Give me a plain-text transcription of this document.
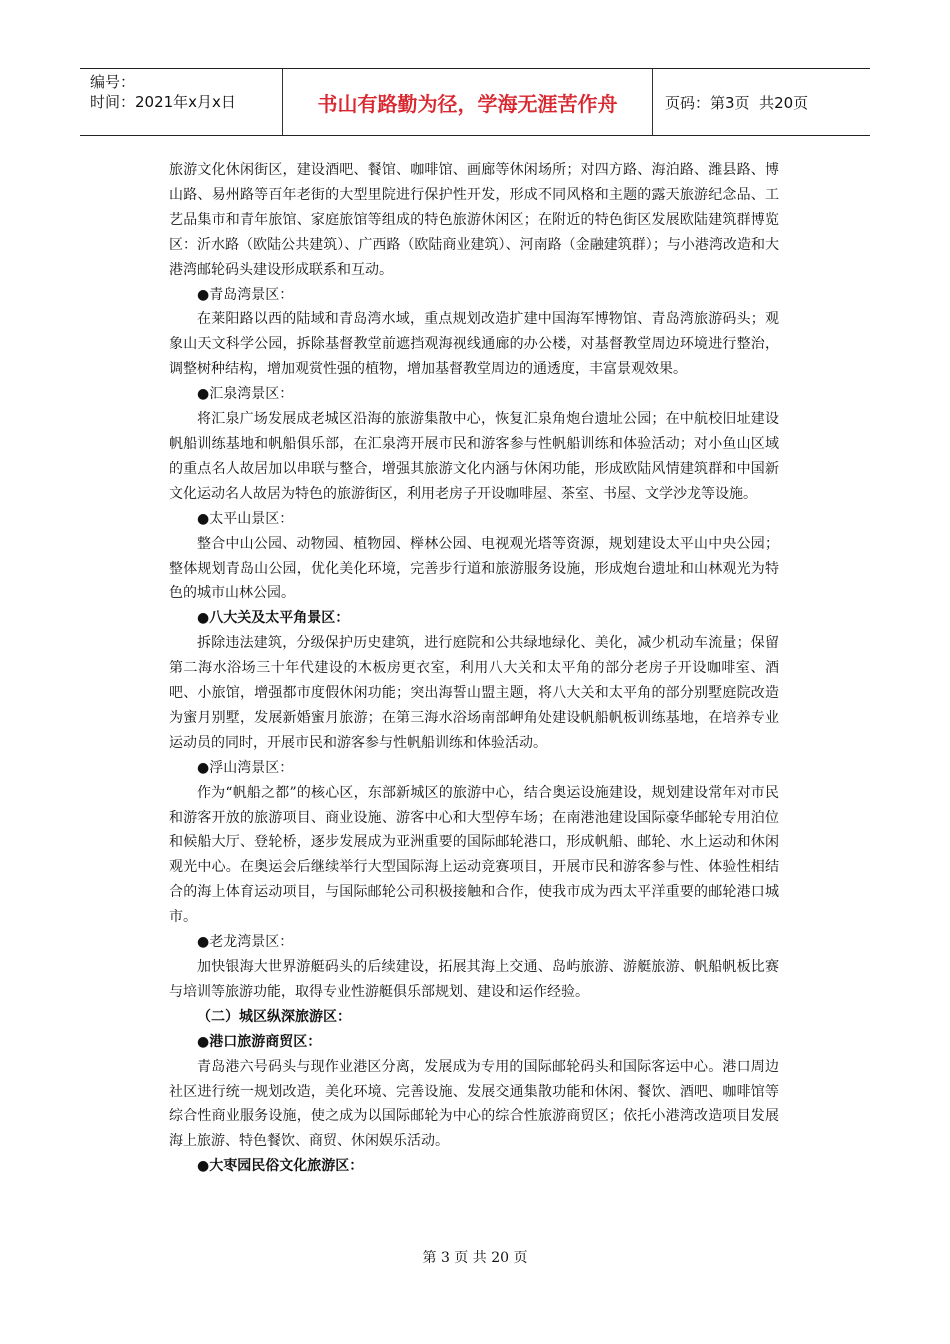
编号：
时间：2021年x月x日	书山有路勤为径，学海无涯苦作舟	页码：第3页  共20页

旅游文化休闲街区，建设酒吧、餐馆、咖啡馆、画廊等休闲场所；对四方路、海泊路、潍县路、博山路、易州路等百年老街的大型里院进行保护性开发，形成不同风格和主题的露天旅游纪念品、工艺品集市和青年旅馆、家庭旅馆等组成的特色旅游休闲区；在附近的特色街区发展欧陆建筑群博览区：沂水路（欧陆公共建筑）、广西路（欧陆商业建筑）、河南路（金融建筑群）；与小港湾改造和大港湾邮轮码头建设形成联系和互动。

●青岛湾景区：

在莱阳路以西的陆域和青岛湾水域，重点规划改造扩建中国海军博物馆、青岛湾旅游码头；观象山天文科学公园，拆除基督教堂前遮挡观海视线通廊的办公楼，对基督教堂周边环境进行整治，调整树种结构，增加观赏性强的植物，增加基督教堂周边的通透度，丰富景观效果。

●汇泉湾景区：

将汇泉广场发展成老城区沿海的旅游集散中心，恢复汇泉角炮台遗址公园；在中航校旧址建设帆船训练基地和帆船俱乐部，在汇泉湾开展市民和游客参与性帆船训练和体验活动；对小鱼山区域的重点名人故居加以串联与整合，增强其旅游文化内涵与休闲功能，形成欧陆风情建筑群和中国新文化运动名人故居为特色的旅游街区，利用老房子开设咖啡屋、茶室、书屋、文学沙龙等设施。

●太平山景区：

整合中山公园、动物园、植物园、榉林公园、电视观光塔等资源，规划建设太平山中央公园；整体规划青岛山公园，优化美化环境，完善步行道和旅游服务设施，形成炮台遗址和山林观光为特色的城市山林公园。

●八大关及太平角景区：

拆除违法建筑，分级保护历史建筑，进行庭院和公共绿地绿化、美化，减少机动车流量；保留第二海水浴场三十年代建设的木板房更衣室，利用八大关和太平角的部分老房子开设咖啡室、酒吧、小旅馆，增强都市度假休闲功能；突出海誓山盟主题，将八大关和太平角的部分别墅庭院改造为蜜月别墅，发展新婚蜜月旅游；在第三海水浴场南部岬角处建设帆船帆板训练基地，在培养专业运动员的同时，开展市民和游客参与性帆船训练和体验活动。

●浮山湾景区：

作为“帆船之都”的核心区，东部新城区的旅游中心，结合奥运设施建设，规划建设常年对市民和游客开放的旅游项目、商业设施、游客中心和大型停车场；在南港池建设国际豪华邮轮专用泊位和候船大厅、登轮桥，逐步发展成为亚洲重要的国际邮轮港口，形成帆船、邮轮、水上运动和休闲观光中心。在奥运会后继续举行大型国际海上运动竞赛项目，开展市民和游客参与性、体验性相结合的海上体育运动项目，与国际邮轮公司积极接触和合作，使我市成为西太平洋重要的邮轮港口城市。

●老龙湾景区：

加快银海大世界游艇码头的后续建设，拓展其海上交通、岛屿旅游、游艇旅游、帆船帆板比赛与培训等旅游功能，取得专业性游艇俱乐部规划、建设和运作经验。

（二）城区纵深旅游区：

●港口旅游商贸区：

青岛港六号码头与现作业港区分离，发展成为专用的国际邮轮码头和国际客运中心。港口周边社区进行统一规划改造，美化环境、完善设施、发展交通集散功能和休闲、餐饮、酒吧、咖啡馆等综合性商业服务设施，使之成为以国际邮轮为中心的综合性旅游商贸区；依托小港湾改造项目发展海上旅游、特色餐饮、商贸、休闲娱乐活动。

●大枣园民俗文化旅游区：

第 3 页 共 20 页
